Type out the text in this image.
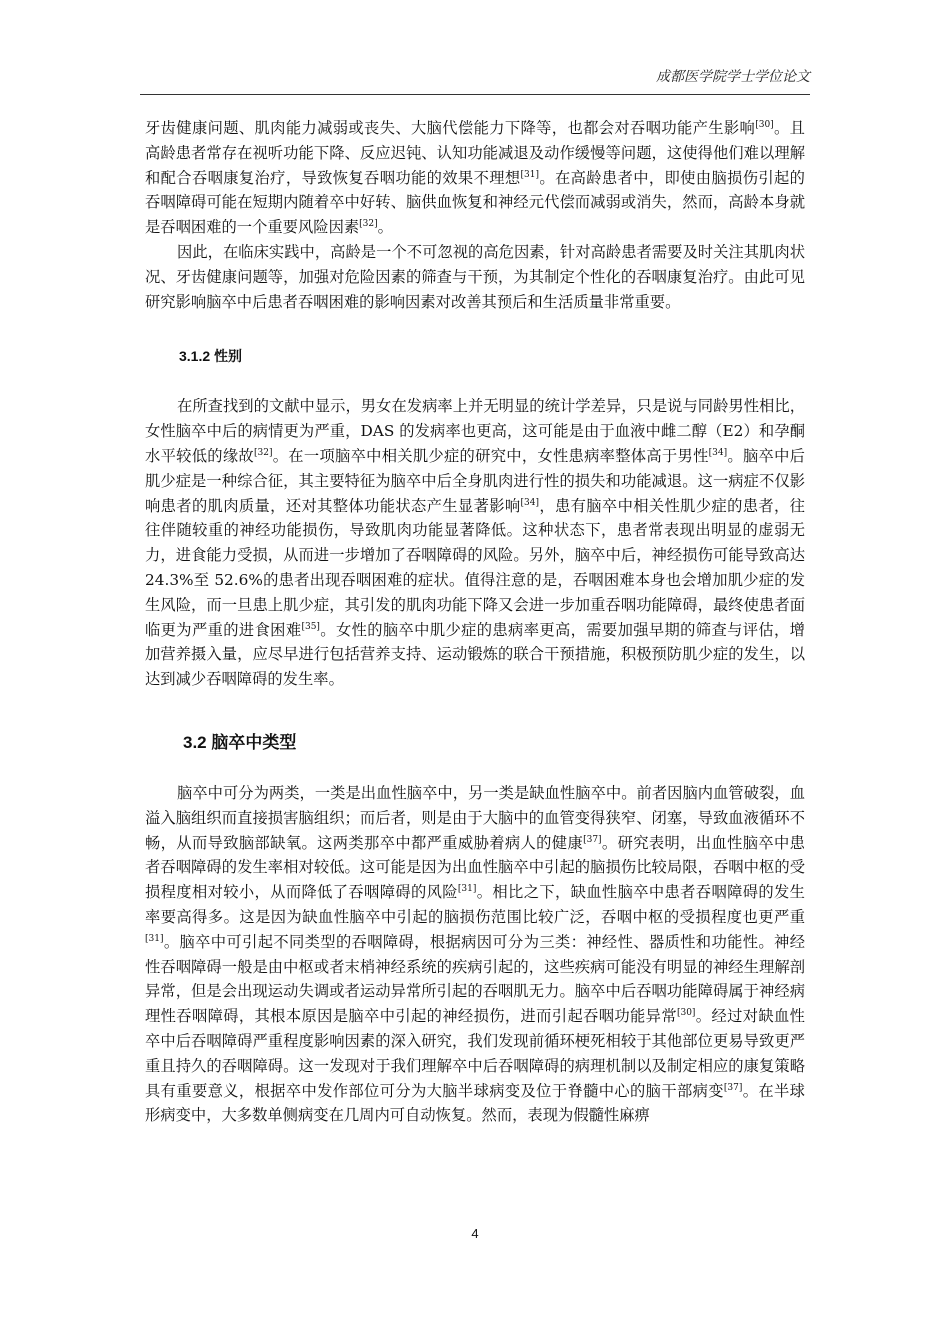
成都医学院学士学位论文

牙齿健康问题、肌肉能力减弱或丧失、大脑代偿能力下降等，也都会对吞咽功能产生影响[30]。且高龄患者常存在视听功能下降、反应迟钝、认知功能减退及动作缓慢等问题，这使得他们难以理解和配合吞咽康复治疗，导致恢复吞咽功能的效果不理想[31]。在高龄患者中，即使由脑损伤引起的吞咽障碍可能在短期内随着卒中好转、脑供血恢复和神经元代偿而减弱或消失，然而，高龄本身就是吞咽困难的一个重要风险因素[32]。

因此，在临床实践中，高龄是一个不可忽视的高危因素，针对高龄患者需要及时关注其肌肉状况、牙齿健康问题等，加强对危险因素的筛查与干预，为其制定个性化的吞咽康复治疗。由此可见研究影响脑卒中后患者吞咽困难的影响因素对改善其预后和生活质量非常重要。

3.1.2 性别

在所查找到的文献中显示，男女在发病率上并无明显的统计学差异，只是说与同龄男性相比，女性脑卒中后的病情更为严重，DAS 的发病率也更高，这可能是由于血液中雌二醇（E2）和孕酮水平较低的缘故[32]。在一项脑卒中相关肌少症的研究中，女性患病率整体高于男性[34]。脑卒中后肌少症是一种综合征，其主要特征为脑卒中后全身肌肉进行性的损失和功能减退。这一病症不仅影响患者的肌肉质量，还对其整体功能状态产生显著影响[34]，患有脑卒中相关性肌少症的患者，往往伴随较重的神经功能损伤，导致肌肉功能显著降低。这种状态下，患者常表现出明显的虚弱无力，进食能力受损，从而进一步增加了吞咽障碍的风险。另外，脑卒中后，神经损伤可能导致高达 24.3%至 52.6%的患者出现吞咽困难的症状。值得注意的是，吞咽困难本身也会增加肌少症的发生风险，而一旦患上肌少症，其引发的肌肉功能下降又会进一步加重吞咽功能障碍，最终使患者面临更为严重的进食困难[35]。女性的脑卒中肌少症的患病率更高，需要加强早期的筛查与评估，增加营养摄入量，应尽早进行包括营养支持、运动锻炼的联合干预措施，积极预防肌少症的发生，以达到减少吞咽障碍的发生率。

3.2 脑卒中类型

脑卒中可分为两类，一类是出血性脑卒中，另一类是缺血性脑卒中。前者因脑内血管破裂，血溢入脑组织而直接损害脑组织；而后者，则是由于大脑中的血管变得狭窄、闭塞，导致血液循环不畅，从而导致脑部缺氧。这两类那卒中都严重威胁着病人的健康[37]。研究表明，出血性脑卒中患者吞咽障碍的发生率相对较低。这可能是因为出血性脑卒中引起的脑损伤比较局限，吞咽中枢的受损程度相对较小，从而降低了吞咽障碍的风险[31]。相比之下，缺血性脑卒中患者吞咽障碍的发生率要高得多。这是因为缺血性脑卒中引起的脑损伤范围比较广泛，吞咽中枢的受损程度也更严重[31]。脑卒中可引起不同类型的吞咽障碍，根据病因可分为三类：神经性、器质性和功能性。神经性吞咽障碍一般是由中枢或者末梢神经系统的疾病引起的，这些疾病可能没有明显的神经生理解剖异常，但是会出现运动失调或者运动异常所引起的吞咽肌无力。脑卒中后吞咽功能障碍属于神经病理性吞咽障碍，其根本原因是脑卒中引起的神经损伤，进而引起吞咽功能异常[30]。经过对缺血性卒中后吞咽障碍严重程度影响因素的深入研究，我们发现前循环梗死相较于其他部位更易导致更严重且持久的吞咽障碍。这一发现对于我们理解卒中后吞咽障碍的病理机制以及制定相应的康复策略具有重要意义，根据卒中发作部位可分为大脑半球病变及位于脊髓中心的脑干部病变[37]。在半球形病变中，大多数单侧病变在几周内可自动恢复。然而，表现为假髓性麻痹

4
